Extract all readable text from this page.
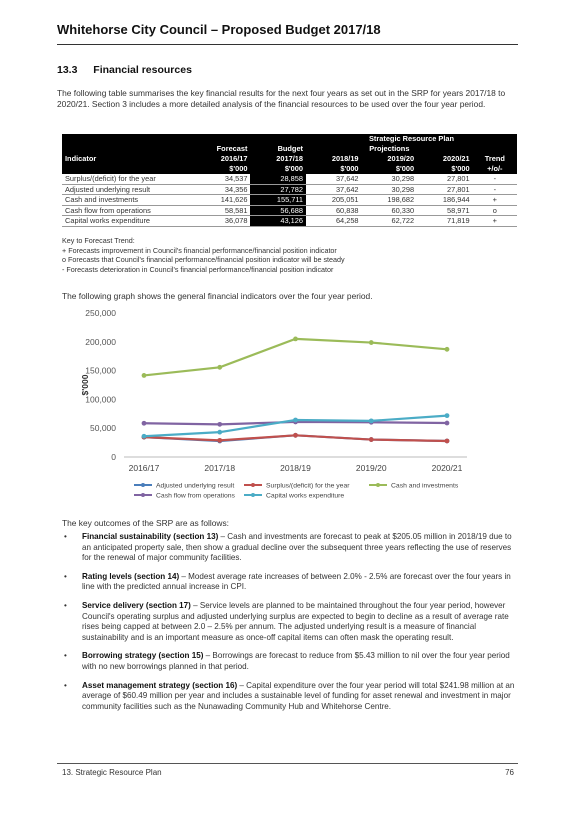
Whitehorse City Council – Proposed Budget 2017/18
13.3 Financial resources
The following table summarises the key financial results for the next four years as set out in the SRP for years 2017/18 to 2020/21. Section 3 includes a more detailed analysis of the financial resources to be used over the four year period.
			Strategic Resource Plan			
	Forecast	Budget	Projections			
Indicator	2016/17	2017/18	2018/19	2019/20	2020/21	Trend
	$'000	$'000	$'000	$'000	$'000	+/o/-
Surplus/(deficit) for the year	34,537	28,858	37,642	30,298	27,801	-
Adjusted underlying result	34,356	27,782	37,642	30,298	27,801	-
Cash and investments	141,626	155,711	205,051	198,682	186,944	+
Cash flow from operations	58,581	56,688	60,838	60,330	58,971	o
Capital works expenditure	36,078	43,126	64,258	62,722	71,819	+
Key to Forecast Trend:
+ Forecasts improvement in Council's financial performance/financial position indicator
o Forecasts that Council's financial performance/financial position indicator will be steady
- Forecasts deterioration in Council's financial performance/financial position indicator
The following graph shows the general financial indicators over the four year period.
0
50,000
100,000
150,000
200,000
250,000
2016/17	2017/18	2018/19	2019/20	2020/21
$'000
Adjusted underlying result	Surplus/(deficit) for the year	Cash and investments
Cash flow from operations	Capital works expenditure
The key outcomes of the SRP are as follows:
• Financial sustainability (section 13) – Cash and investments are forecast to peak at $205.05 million in 2018/19 due to an anticipated property sale, then show a gradual decline over the subsequent three years reflecting the use of reserves for the renewal of major community facilities.
• Rating levels (section 14) – Modest average rate increases of between 2.0% - 2.5% are forecast over the four years in line with the predicted annual increase in CPI.
• Service delivery (section 17) – Service levels are planned to be maintained throughout the four year period, however Council's operating surplus and adjusted underlying surplus are expected to begin to decline as a result of average rate rises being capped at between 2.0 – 2.5% per annum. The adjusted underlying result is a measure of financial sustainability and is an important measure as once-off capital items can often mask the operating result.
• Borrowing strategy (section 15) – Borrowings are forecast to reduce from $5.43 million to nil over the four year period with no new borrowings planned in that period.
• Asset management strategy (section 16) – Capital expenditure over the four year period will total $241.98 million at an average of $60.49 million per year and includes a sustainable level of funding for asset renewal and investment in major community facilities such as the Nunawading Community Hub and Whitehorse Centre.
13. Strategic Resource Plan	76
